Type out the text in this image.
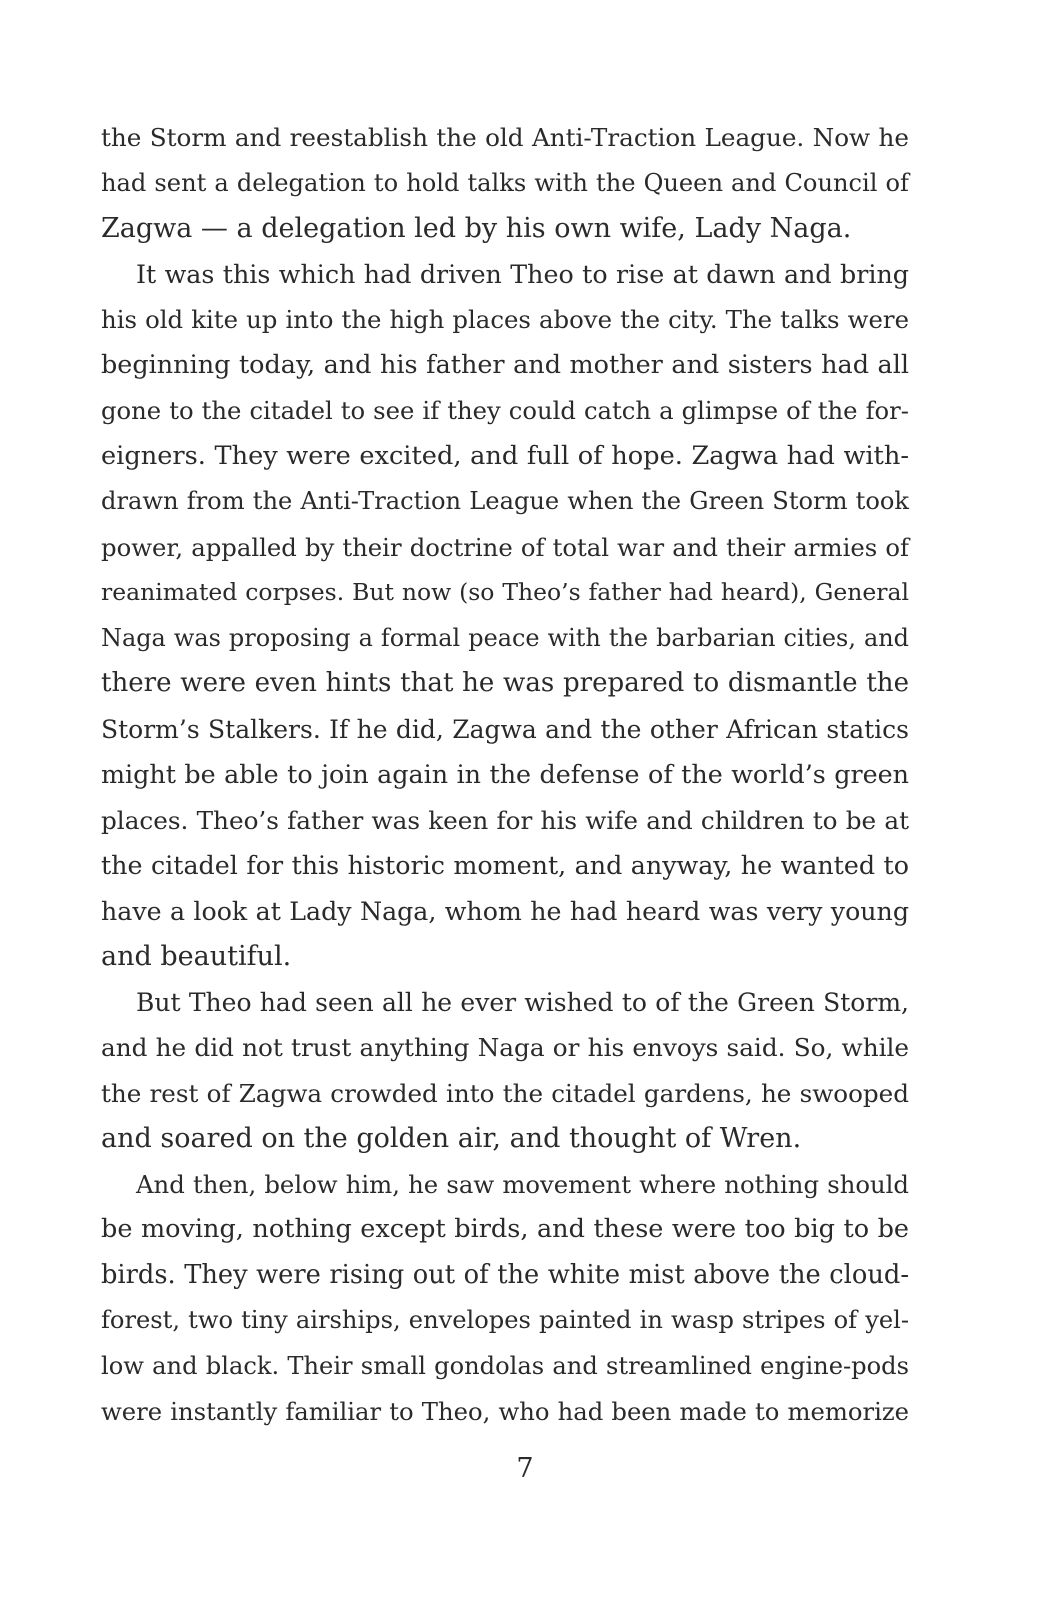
the Storm and reestablish the old Anti-Traction League. Now he
had sent a delegation to hold talks with the Queen and Council of
Zagwa — a delegation led by his own wife, Lady Naga.
It was this which had driven Theo to rise at dawn and bring
his old kite up into the high places above the city. The talks were
beginning today, and his father and mother and sisters had all
gone to the citadel to see if they could catch a glimpse of the for-
eigners. They were excited, and full of hope. Zagwa had with-
drawn from the Anti-Traction League when the Green Storm took
power, appalled by their doctrine of total war and their armies of
reanimated corpses. But now (so Theo’s father had heard), General
Naga was proposing a formal peace with the barbarian cities, and
there were even hints that he was prepared to dismantle the
Storm’s Stalkers. If he did, Zagwa and the other African statics
might be able to join again in the defense of the world’s green
places. Theo’s father was keen for his wife and children to be at
the citadel for this historic moment, and anyway, he wanted to
have a look at Lady Naga, whom he had heard was very young
and beautiful.
But Theo had seen all he ever wished to of the Green Storm,
and he did not trust anything Naga or his envoys said. So, while
the rest of Zagwa crowded into the citadel gardens, he swooped
and soared on the golden air, and thought of Wren.
And then, below him, he saw movement where nothing should
be moving, nothing except birds, and these were too big to be
birds. They were rising out of the white mist above the cloud-
forest, two tiny airships, envelopes painted in wasp stripes of yel-
low and black. Their small gondolas and streamlined engine-pods
were instantly familiar to Theo, who had been made to memorize
7
